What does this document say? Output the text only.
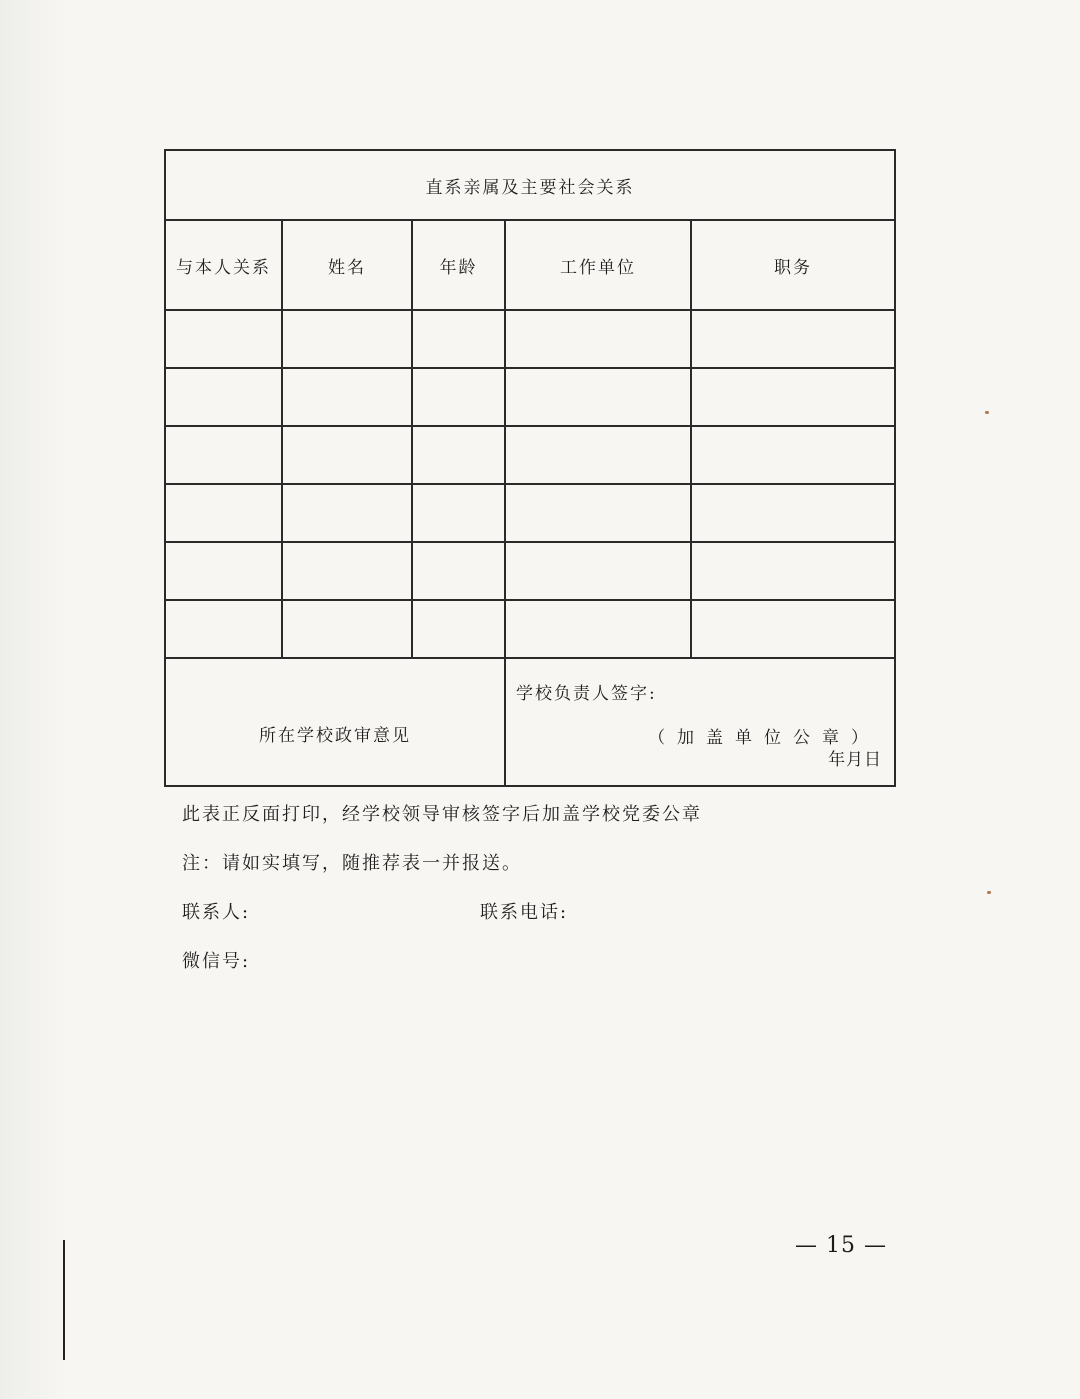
直系亲属及主要社会关系				
与本人关系	姓名	年龄	工作单位	职务

所在学校政审意见			学校负责人签字:
（加盖单位公章）
年月日	
此表正反面打印，经学校领导审核签字后加盖学校党委公章
注：请如实填写，随推荐表一并报送。
联系人:	联系电话:
微信号:
— 15 —
